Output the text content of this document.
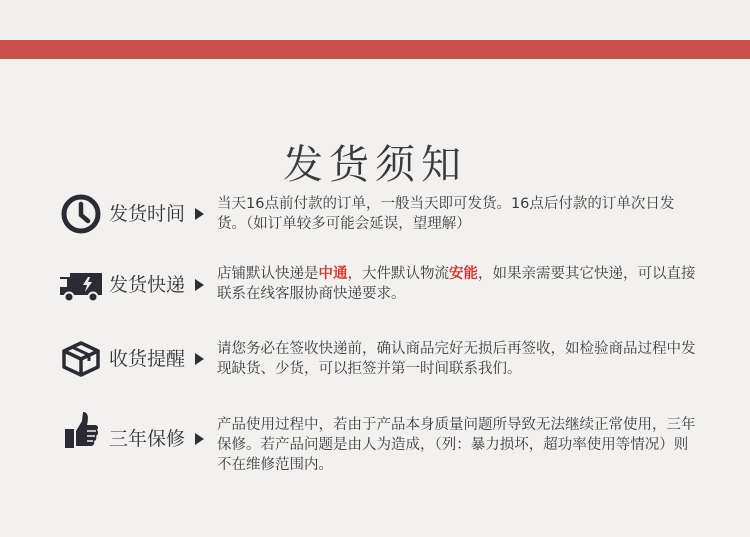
发货须知
发货时间 当天16点前付款的订单，一般当天即可发货。16点后付款的订单次日发货。（如订单较多可能会延误，望理解）
发货快递 店铺默认快递是中通，大件默认物流安能，如果亲需要其它快递，可以直接联系在线客服协商快递要求。
收货提醒 请您务必在签收快递前，确认商品完好无损后再签收，如检验商品过程中发现缺货、少货，可以拒签并第一时间联系我们。
三年保修
产品使用过程中，若由于产品本身质量问题所导致无法继续正常使用，三年保修。若产品问题是由人为造成，（列：暴力损坏，超功率使用等情况）则不在维修范围内。
